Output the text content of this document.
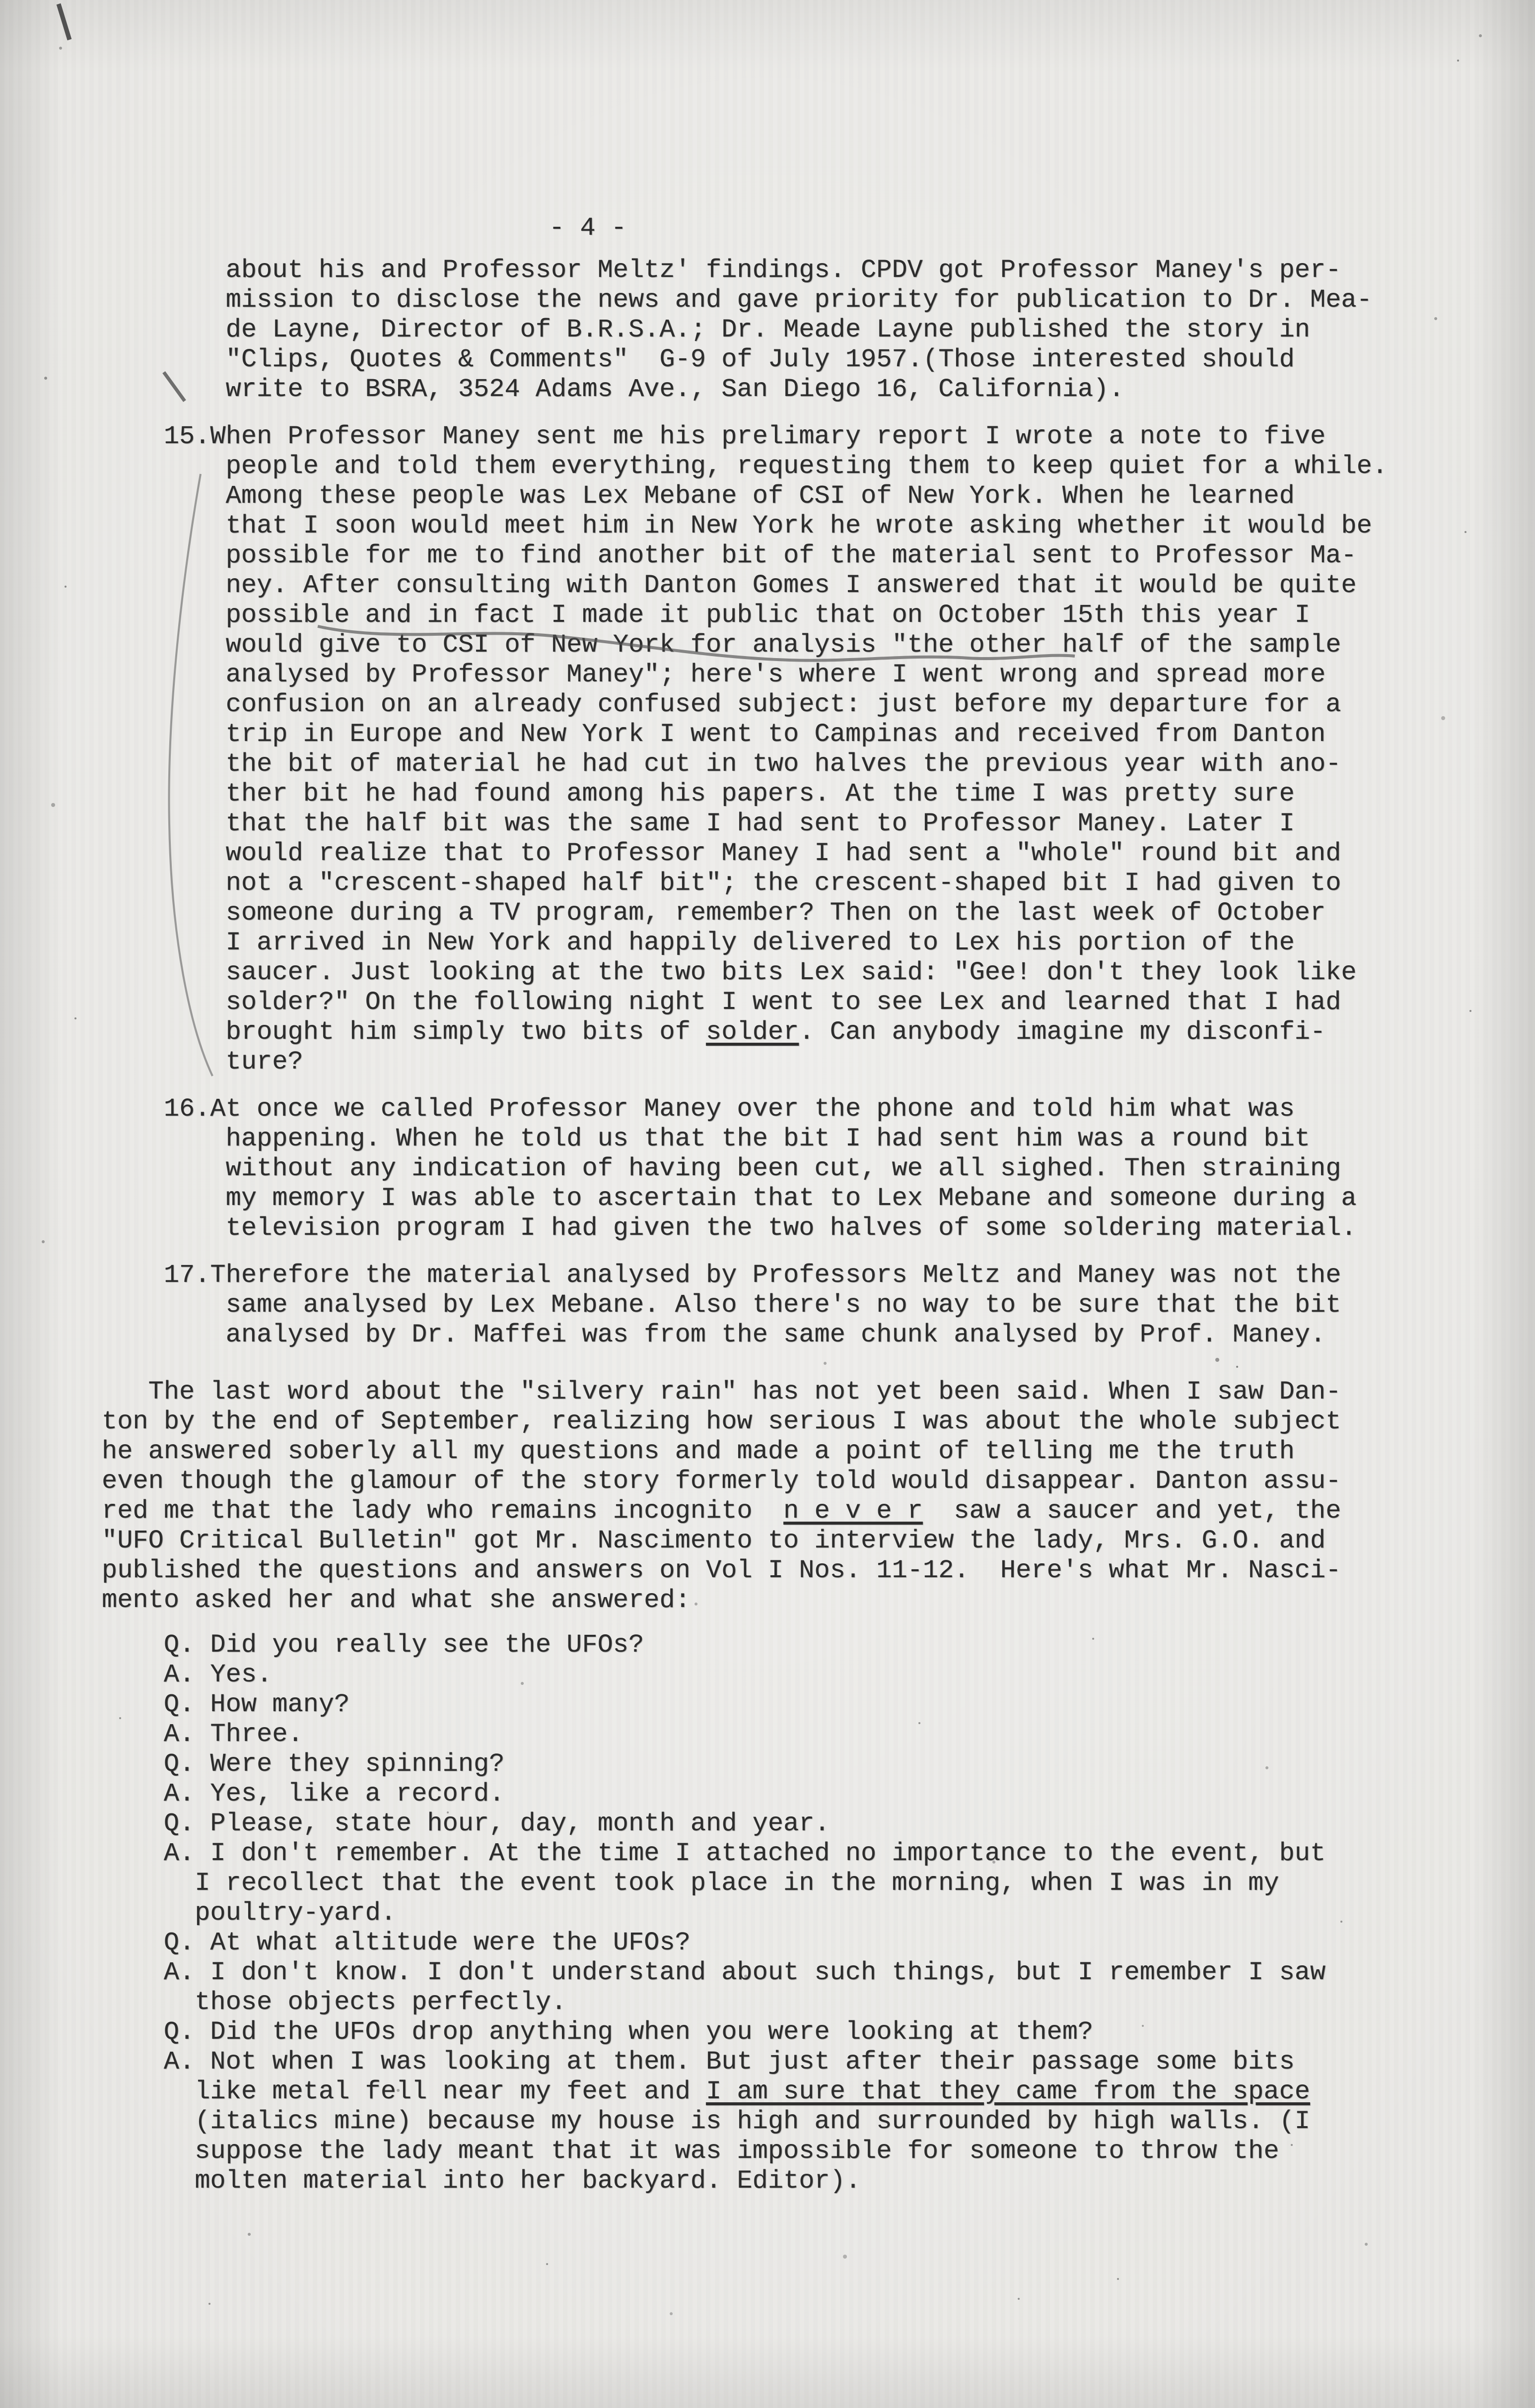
- 4 -
about his and Professor Meltz' findings. CPDV got Professor Maney's per-
mission to disclose the news and gave priority for publication to Dr. Mea-
de Layne, Director of B.R.S.A.; Dr. Meade Layne published the story in
"Clips, Quotes & Comments"  G-9 of July 1957.(Those interested should
write to BSRA, 3524 Adams Ave., San Diego 16, California).
15.When Professor Maney sent me his prelimary report I wrote a note to five
people and told them everything, requesting them to keep quiet for a while.
Among these people was Lex Mebane of CSI of New York. When he learned
that I soon would meet him in New York he wrote asking whether it would be
possible for me to find another bit of the material sent to Professor Ma-
ney. After consulting with Danton Gomes I answered that it would be quite
possible and in fact I made it public that on October 15th this year I
would give to CSI of New York for analysis "the other half of the sample
analysed by Professor Maney"; here's where I went wrong and spread more
confusion on an already confused subject: just before my departure for a
trip in Europe and New York I went to Campinas and received from Danton
the bit of material he had cut in two halves the previous year with ano-
ther bit he had found among his papers. At the time I was pretty sure
that the half bit was the same I had sent to Professor Maney. Later I
would realize that to Professor Maney I had sent a "whole" round bit and
not a "crescent-shaped half bit"; the crescent-shaped bit I had given to
someone during a TV program, remember? Then on the last week of October
I arrived in New York and happily delivered to Lex his portion of the
saucer. Just looking at the two bits Lex said: "Gee! don't they look like
solder?" On the following night I went to see Lex and learned that I had
brought him simply two bits of solder. Can anybody imagine my disconfi-
ture?
16.At once we called Professor Maney over the phone and told him what was
happening. When he told us that the bit I had sent him was a round bit
without any indication of having been cut, we all sighed. Then straining
my memory I was able to ascertain that to Lex Mebane and someone during a
television program I had given the two halves of some soldering material.
17.Therefore the material analysed by Professors Meltz and Maney was not the
same analysed by Lex Mebane. Also there's no way to be sure that the bit
analysed by Dr. Maffei was from the same chunk analysed by Prof. Maney.
The last word about the "silvery rain" has not yet been said. When I saw Dan-
ton by the end of September, realizing how serious I was about the whole subject
he answered soberly all my questions and made a point of telling me the truth
even though the glamour of the story formerly told would disappear. Danton assu-
red me that the lady who remains incognito  n e v e r  saw a saucer and yet, the
"UFO Critical Bulletin" got Mr. Nascimento to interview the lady, Mrs. G.O. and
published the questions and answers on Vol I Nos. 11-12.  Here's what Mr. Nasci-
mento asked her and what she answered:
Q. Did you really see the UFOs?
A. Yes.
Q. How many?
A. Three.
Q. Were they spinning?
A. Yes, like a record.
Q. Please, state hour, day, month and year.
A. I don't remember. At the time I attached no importance to the event, but
I recollect that the event took place in the morning, when I was in my
poultry-yard.
Q. At what altitude were the UFOs?
A. I don't know. I don't understand about such things, but I remember I saw
those objects perfectly.
Q. Did the UFOs drop anything when you were looking at them?
A. Not when I was looking at them. But just after their passage some bits
like metal fell near my feet and I am sure that they came from the space
(italics mine) because my house is high and surrounded by high walls. (I
suppose the lady meant that it was impossible for someone to throw the
molten material into her backyard. Editor).
